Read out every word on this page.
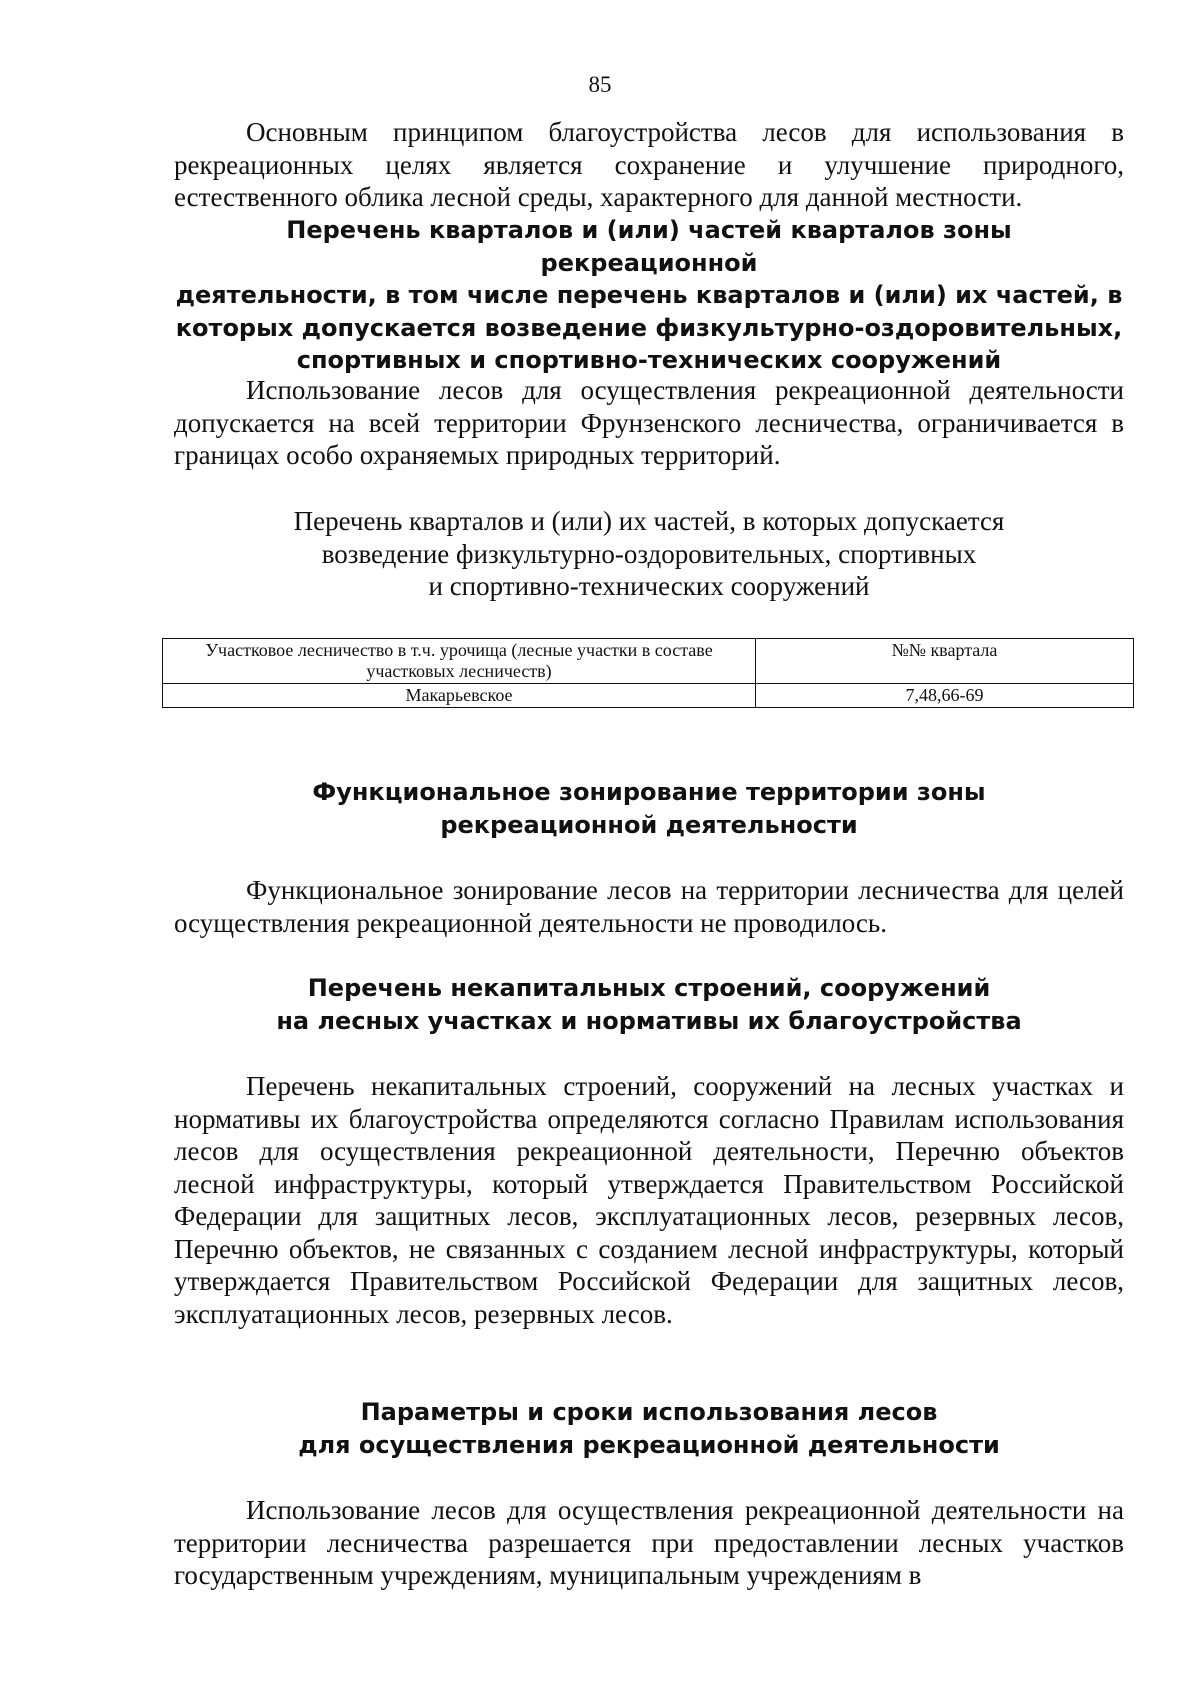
85

Основным принципом благоустройства лесов для использования в рекреационных целях является сохранение и улучшение природного, естественного облика лесной среды, характерного для данной местности.

Перечень кварталов и (или) частей кварталов зоны рекреационной
деятельности, в том числе перечень кварталов и (или) их частей, в
которых допускается возведение физкультурно-оздоровительных,
спортивных и спортивно-технических сооружений

Использование лесов для осуществления рекреационной деятельности допускается на всей территории Фрунзенского лесничества, ограничивается в границах особо охраняемых природных территорий.

Перечень кварталов и (или) их частей, в которых допускается
возведение физкультурно-оздоровительных, спортивных
и спортивно-технических сооружений
Участковое лесничество в т.ч. урочища (лесные участки в составе участковых лесничеств)	№№ квартала
Макарьевское	7,48,66-69
Функциональное зонирование территории зоны
рекреационной деятельности

Функциональное зонирование лесов на территории лесничества для целей осуществления рекреационной деятельности не проводилось.

Перечень некапитальных строений, сооружений
на лесных участках и нормативы их благоустройства

Перечень некапитальных строений, сооружений на лесных участках и нормативы их благоустройства определяются согласно Правилам использования лесов для осуществления рекреационной деятельности, Перечню объектов лесной инфраструктуры, который утверждается Правительством Российской Федерации для защитных лесов, эксплуатационных лесов, резервных лесов, Перечню объектов, не связанных с созданием лесной инфраструктуры, который утверждается Правительством Российской Федерации для защитных лесов, эксплуатационных лесов, резервных лесов.

Параметры и сроки использования лесов
для осуществления рекреационной деятельности

Использование лесов для осуществления рекреационной деятельности на территории лесничества разрешается при предоставлении лесных участков государственным учреждениям, муниципальным учреждениям в
